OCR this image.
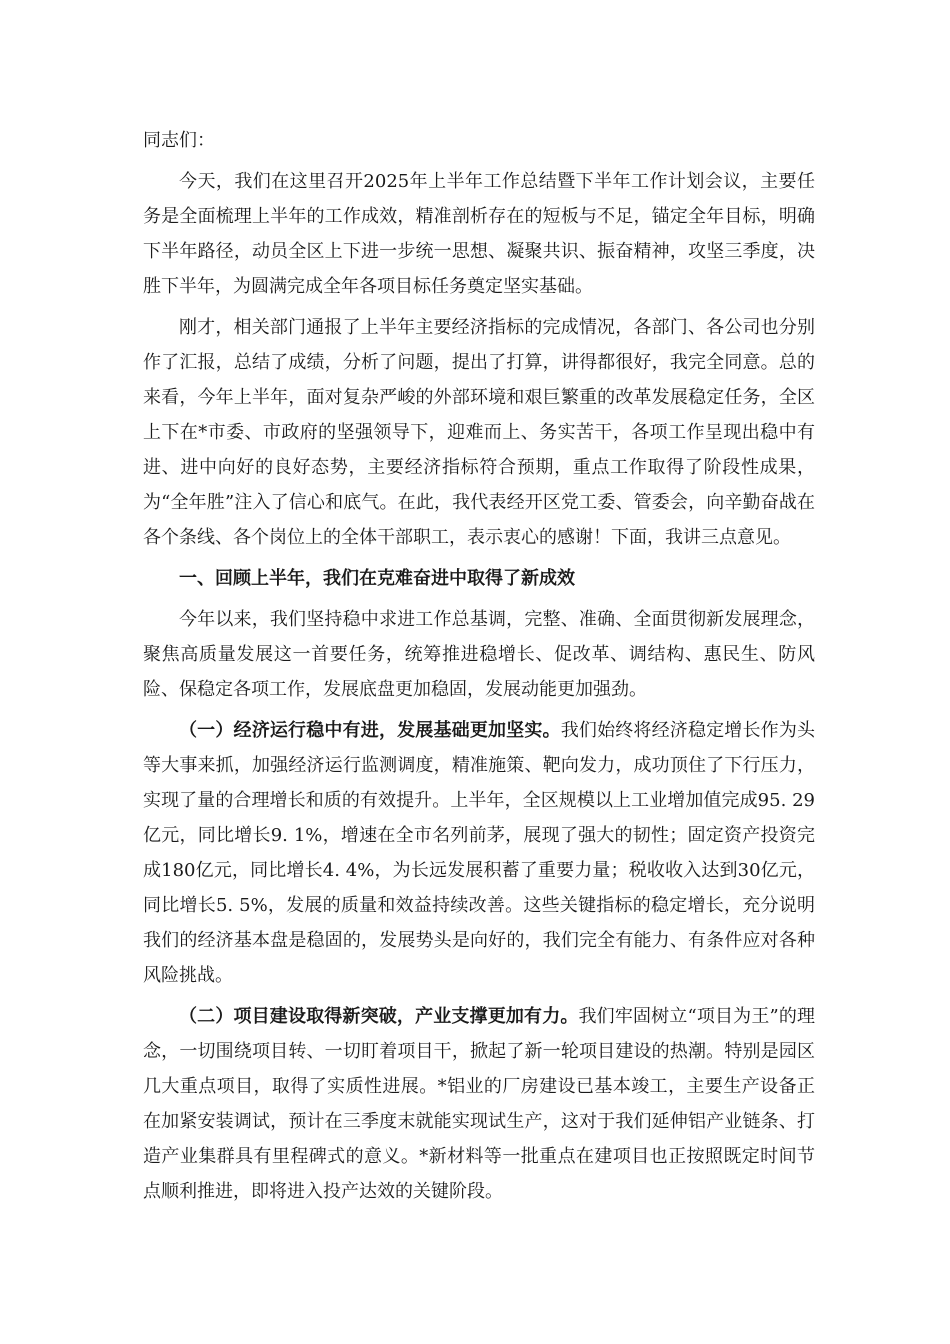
同志们：

今天，我们在这里召开2025年上半年工作总结暨下半年工作计划会议，主要任务是全面梳理上半年的工作成效，精准剖析存在的短板与不足，锚定全年目标，明确下半年路径，动员全区上下进一步统一思想、凝聚共识、振奋精神，攻坚三季度，决胜下半年，为圆满完成全年各项目标任务奠定坚实基础。

刚才，相关部门通报了上半年主要经济指标的完成情况，各部门、各公司也分别作了汇报，总结了成绩，分析了问题，提出了打算，讲得都很好，我完全同意。总的来看，今年上半年，面对复杂严峻的外部环境和艰巨繁重的改革发展稳定任务，全区上下在*市委、市政府的坚强领导下，迎难而上、务实苦干，各项工作呈现出稳中有进、进中向好的良好态势，主要经济指标符合预期，重点工作取得了阶段性成果，为“全年胜”注入了信心和底气。在此，我代表经开区党工委、管委会，向辛勤奋战在各个条线、各个岗位上的全体干部职工，表示衷心的感谢！下面，我讲三点意见。

一、回顾上半年，我们在克难奋进中取得了新成效

今年以来，我们坚持稳中求进工作总基调，完整、准确、全面贯彻新发展理念，聚焦高质量发展这一首要任务，统筹推进稳增长、促改革、调结构、惠民生、防风险、保稳定各项工作，发展底盘更加稳固，发展动能更加强劲。

（一）经济运行稳中有进，发展基础更加坚实。我们始终将经济稳定增长作为头等大事来抓，加强经济运行监测调度，精准施策、靶向发力，成功顶住了下行压力，实现了量的合理增长和质的有效提升。上半年，全区规模以上工业增加值完成95. 29亿元，同比增长9. 1%，增速在全市名列前茅，展现了强大的韧性；固定资产投资完成180亿元，同比增长4. 4%，为长远发展积蓄了重要力量；税收收入达到30亿元，同比增长5. 5%，发展的质量和效益持续改善。这些关键指标的稳定增长，充分说明我们的经济基本盘是稳固的，发展势头是向好的，我们完全有能力、有条件应对各种风险挑战。

（二）项目建设取得新突破，产业支撑更加有力。我们牢固树立“项目为王”的理念，一切围绕项目转、一切盯着项目干，掀起了新一轮项目建设的热潮。特别是园区几大重点项目，取得了实质性进展。*铝业的厂房建设已基本竣工，主要生产设备正在加紧安装调试，预计在三季度末就能实现试生产，这对于我们延伸铝产业链条、打造产业集群具有里程碑式的意义。*新材料等一批重点在建项目也正按照既定时间节点顺利推进，即将进入投产达效的关键阶段。
